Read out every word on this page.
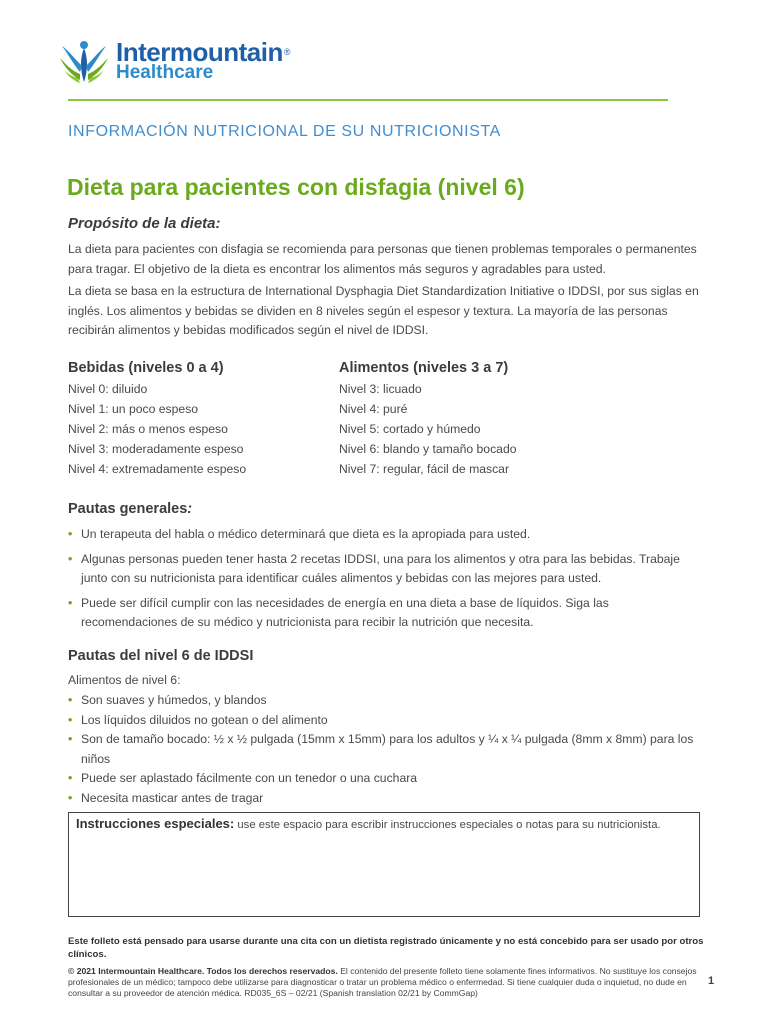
Intermountain®
Healthcare
INFORMACIÓN NUTRICIONAL DE SU NUTRICIONISTA
Dieta para pacientes con disfagia (nivel 6)
Propósito de la dieta:
La dieta para pacientes con disfagia se recomienda para personas que tienen problemas temporales o permanentes para tragar. El objetivo de la dieta es encontrar los alimentos más seguros y agradables para usted.
La dieta se basa en la estructura de International Dysphagia Diet Standardization Initiative o IDDSI, por sus siglas en inglés. Los alimentos y bebidas se dividen en 8 niveles según el espesor y textura. La mayoría de las personas recibirán alimentos y bebidas modificados según el nivel de IDDSI.
Bebidas (niveles 0 a 4)
Nivel 0: diluido
Nivel 1: un poco espeso
Nivel 2: más o menos espeso
Nivel 3: moderadamente espeso
Nivel 4: extremadamente espeso
Alimentos (niveles 3 a 7)
Nivel 3: licuado
Nivel 4: puré
Nivel 5: cortado y húmedo
Nivel 6: blando y tamaño bocado
Nivel 7: regular, fácil de mascar
Pautas generales:
• Un terapeuta del habla o médico determinará que dieta es la apropiada para usted.
• Algunas personas pueden tener hasta 2 recetas IDDSI, una para los alimentos y otra para las bebidas. Trabaje junto con su nutricionista para identificar cuáles alimentos y bebidas con las mejores para usted.
• Puede ser difícil cumplir con las necesidades de energía en una dieta a base de líquidos. Siga las recomendaciones de su médico y nutricionista para recibir la nutrición que necesita.
Pautas del nivel 6 de IDDSI
Alimentos de nivel 6:
• Son suaves y húmedos, y blandos
• Los líquidos diluidos no gotean o del alimento
• Son de tamaño bocado: ½ x ½ pulgada (15mm x 15mm) para los adultos y ¼ x ¼ pulgada (8mm x 8mm) para los niños
• Puede ser aplastado fácilmente con un tenedor o una cuchara
• Necesita masticar antes de tragar
Instrucciones especiales: use este espacio para escribir instrucciones especiales o notas para su nutricionista.
Este folleto está pensado para usarse durante una cita con un dietista registrado únicamente y no está concebido para ser usado por otros clínicos.
© 2021 Intermountain Healthcare. Todos los derechos reservados. El contenido del presente folleto tiene solamente fines informativos. No sustituye los consejos profesionales de un médico; tampoco debe utilizarse para diagnosticar o tratar un problema médico o enfermedad. Si tiene cualquier duda o inquietud, no dude en consultar a su proveedor de atención médica. RD035_6S – 02/21 (Spanish translation 02/21 by CommGap)
1
